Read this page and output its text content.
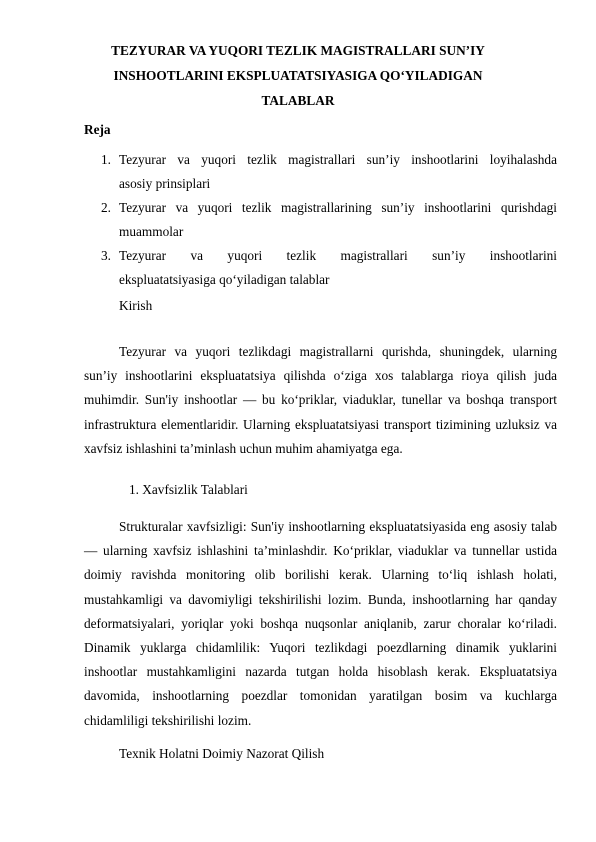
TEZYURAR VA YUQORI TEZLIK MAGISTRALLARI SUN’IY
INSHOOTLARINI EKSPLUATATSIYASIGA QO‘YILADIGAN
TALABLAR
Reja
1. Tezyurar va yuqori tezlik magistrallari sun’iy inshootlarini loyihalashda
asosiy prinsiplari
2. Tezyurar va yuqori tezlik magistrallarining sun’iy inshootlarini qurishdagi
muammolar
3. Tezyurar va yuqori tezlik magistrallari sun’iy inshootlarini
ekspluatatsiyasiga qo‘yiladigan talablar
Kirish

Tezyurar va yuqori tezlikdagi magistrallarni qurishda, shuningdek, ularning sun’iy inshootlarini ekspluatatsiya qilishda o‘ziga xos talablarga rioya qilish juda muhimdir. Sun'iy inshootlar — bu ko‘priklar, viaduklar, tunellar va boshqa transport infrastruktura elementlaridir. Ularning ekspluatatsiyasi transport tizimining uzluksiz va xavfsiz ishlashini ta’minlash uchun muhim ahamiyatga ega.

1. Xavfsizlik Talablari

Strukturalar xavfsizligi: Sun'iy inshootlarning ekspluatatsiyasida eng asosiy talab — ularning xavfsiz ishlashini ta’minlashdir. Ko‘priklar, viaduklar va tunnellar ustida doimiy ravishda monitoring olib borilishi kerak. Ularning to‘liq ishlash holati, mustahkamligi va davomiyligi tekshirilishi lozim. Bunda, inshootlarning har qanday deformatsiyalari, yoriqlar yoki boshqa nuqsonlar aniqlanib, zarur choralar ko‘riladi. Dinamik yuklarga chidamlilik: Yuqori tezlikdagi poezdlarning dinamik yuklarini inshootlar mustahkamligini nazarda tutgan holda hisoblash kerak. Ekspluatatsiya davomida, inshootlarning poezdlar tomonidan yaratilgan bosim va kuchlarga chidamliligi tekshirilishi lozim.

Texnik Holatni Doimiy Nazorat Qilish
